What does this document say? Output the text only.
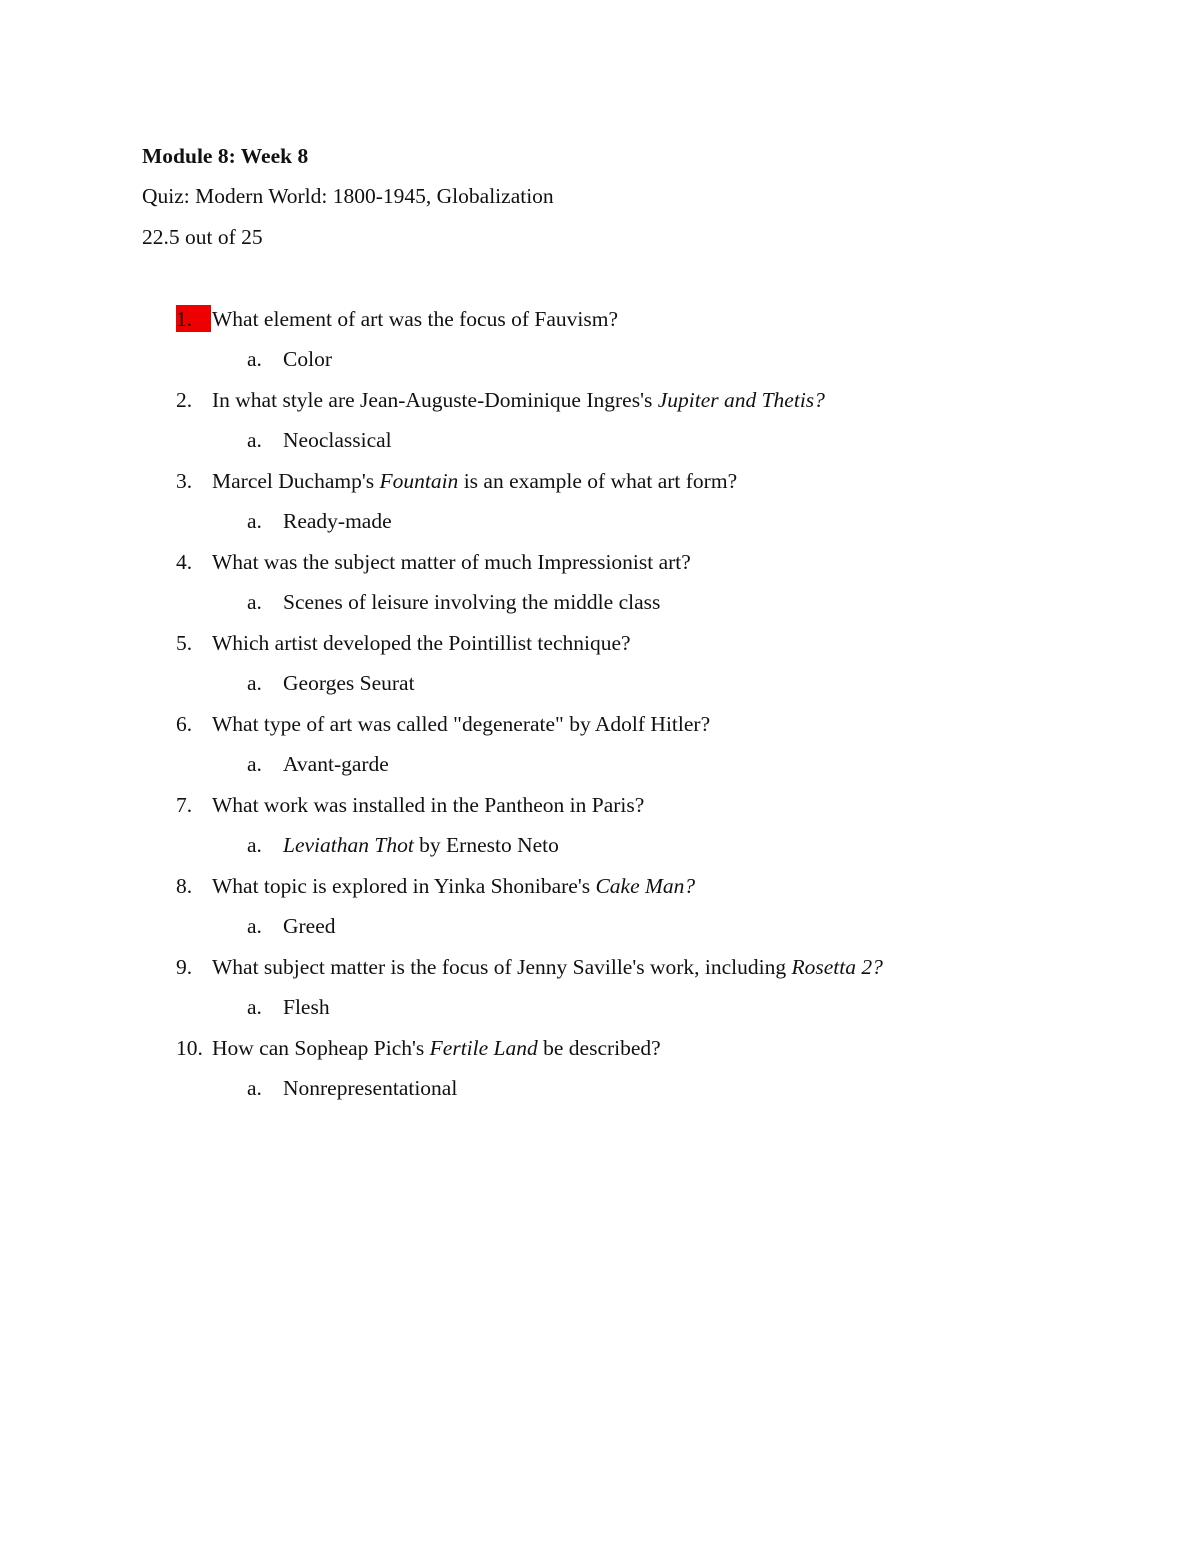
Module 8: Week 8
Quiz: Modern World: 1800-1945, Globalization
22.5 out of 25
1. What element of art was the focus of Fauvism?
a. Color
2. In what style are Jean-Auguste-Dominique Ingres's Jupiter and Thetis?
a. Neoclassical
3. Marcel Duchamp's Fountain is an example of what art form?
a. Ready-made
4. What was the subject matter of much Impressionist art?
a. Scenes of leisure involving the middle class
5. Which artist developed the Pointillist technique?
a. Georges Seurat
6. What type of art was called "degenerate" by Adolf Hitler?
a. Avant-garde
7. What work was installed in the Pantheon in Paris?
a. Leviathan Thot by Ernesto Neto
8. What topic is explored in Yinka Shonibare's Cake Man?
a. Greed
9. What subject matter is the focus of Jenny Saville's work, including Rosetta 2?
a. Flesh
10. How can Sopheap Pich's Fertile Land be described?
a. Nonrepresentational
